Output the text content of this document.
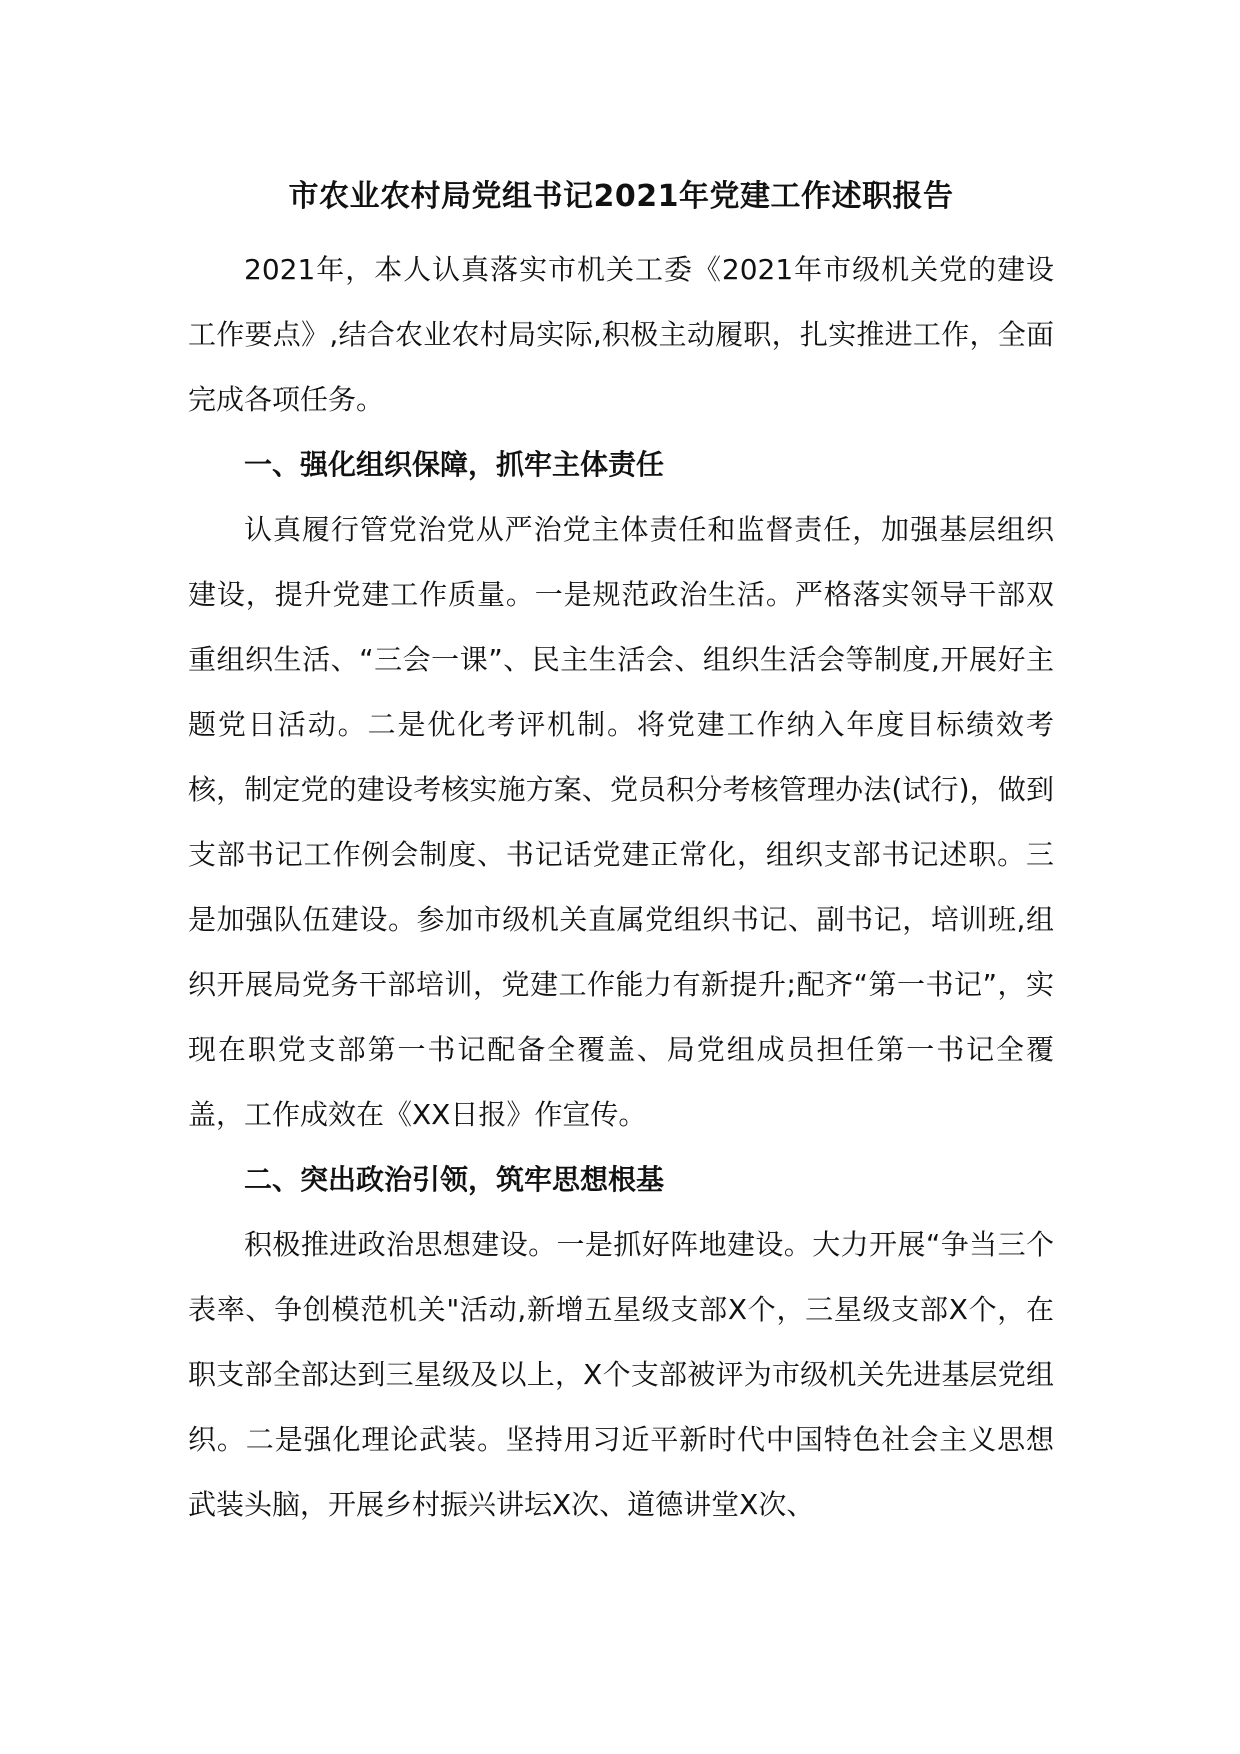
市农业农村局党组书记2021年党建工作述职报告

2021年，本人认真落实市机关工委《2021年市级机关党的建设工作要点》,结合农业农村局实际,积极主动履职，扎实推进工作，全面完成各项任务。

一、强化组织保障，抓牢主体责任

认真履行管党治党从严治党主体责任和监督责任，加强基层组织建设，提升党建工作质量。一是规范政治生活。严格落实领导干部双重组织生活、“三会一课”、民主生活会、组织生活会等制度,开展好主题党日活动。二是优化考评机制。将党建工作纳入年度目标绩效考核，制定党的建设考核实施方案、党员积分考核管理办法(试行)，做到支部书记工作例会制度、书记话党建正常化，组织支部书记述职。三是加强队伍建设。参加市级机关直属党组织书记、副书记，培训班,组织开展局党务干部培训，党建工作能力有新提升;配齐“第一书记”，实现在职党支部第一书记配备全覆盖、局党组成员担任第一书记全覆盖，工作成效在《XX日报》作宣传。

二、突出政治引领，筑牢思想根基

积极推进政治思想建设。一是抓好阵地建设。大力开展“争当三个表率、争创模范机关"活动,新增五星级支部X个，三星级支部X个，在职支部全部达到三星级及以上，X个支部被评为市级机关先进基层党组织。二是强化理论武装。坚持用习近平新时代中国特色社会主义思想武装头脑，开展乡村振兴讲坛X次、道德讲堂X次、
